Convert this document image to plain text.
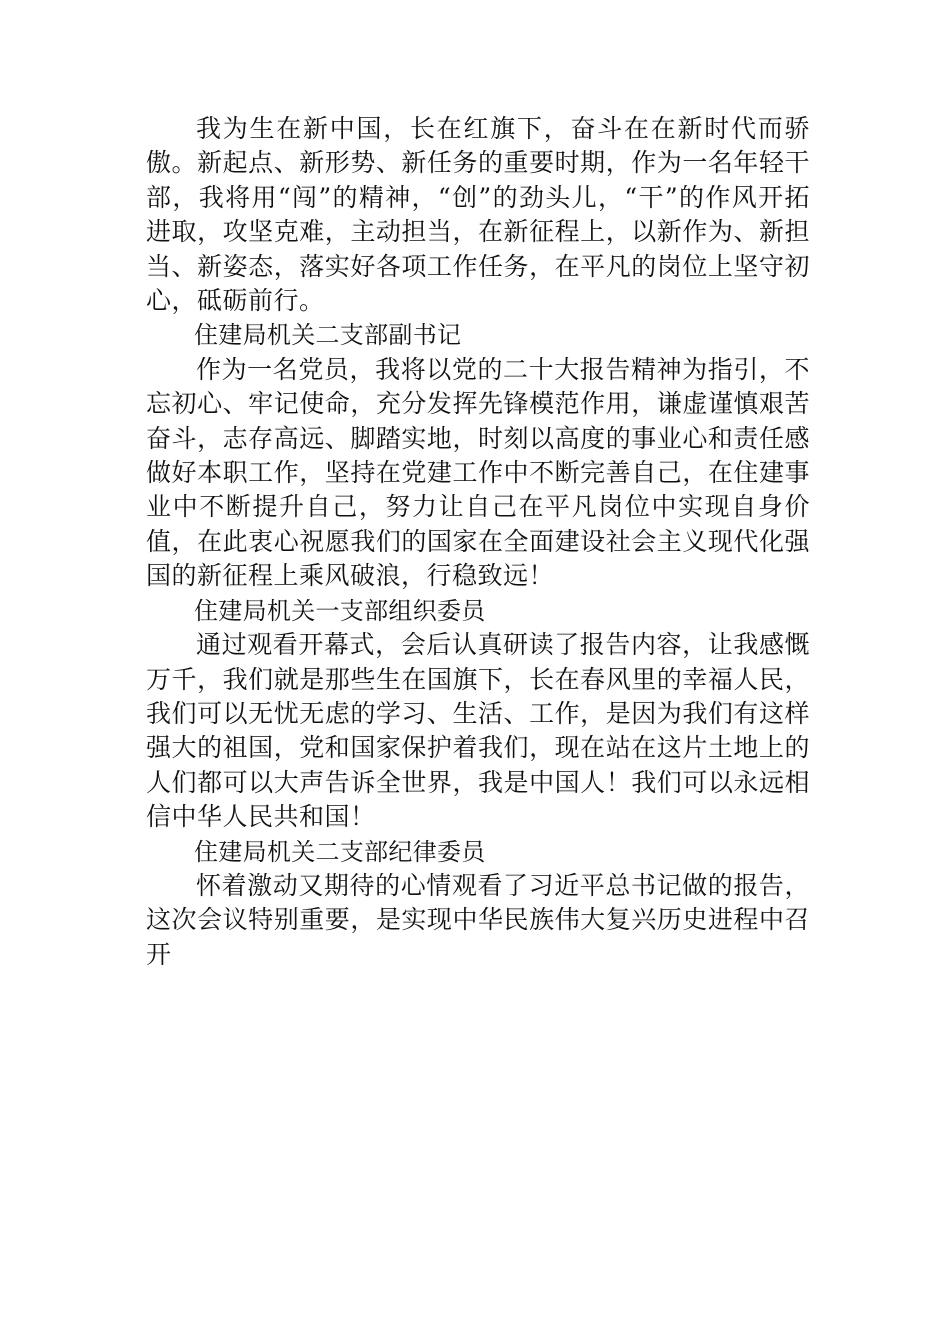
我为生在新中国，长在红旗下，奋斗在在新时代而骄傲。新起点、新形势、新任务的重要时期，作为一名年轻干部，我将用“闯”的精神，“创”的劲头儿，“干”的作风开拓进取，攻坚克难，主动担当，在新征程上，以新作为、新担当、新姿态，落实好各项工作任务，在平凡的岗位上坚守初心，砥砺前行。

住建局机关二支部副书记

作为一名党员，我将以党的二十大报告精神为指引，不忘初心、牢记使命，充分发挥先锋模范作用，谦虚谨慎艰苦奋斗，志存高远、脚踏实地，时刻以高度的事业心和责任感做好本职工作，坚持在党建工作中不断完善自己，在住建事业中不断提升自己，努力让自己在平凡岗位中实现自身价值，在此衷心祝愿我们的国家在全面建设社会主义现代化强国的新征程上乘风破浪，行稳致远！

住建局机关一支部组织委员

通过观看开幕式，会后认真研读了报告内容，让我感慨万千，我们就是那些生在国旗下，长在春风里的幸福人民，我们可以无忧无虑的学习、生活、工作，是因为我们有这样强大的祖国，党和国家保护着我们，现在站在这片土地上的人们都可以大声告诉全世界，我是中国人！我们可以永远相信中华人民共和国！

住建局机关二支部纪律委员

怀着激动又期待的心情观看了习近平总书记做的报告，这次会议特别重要，是实现中华民族伟大复兴历史进程中召开
